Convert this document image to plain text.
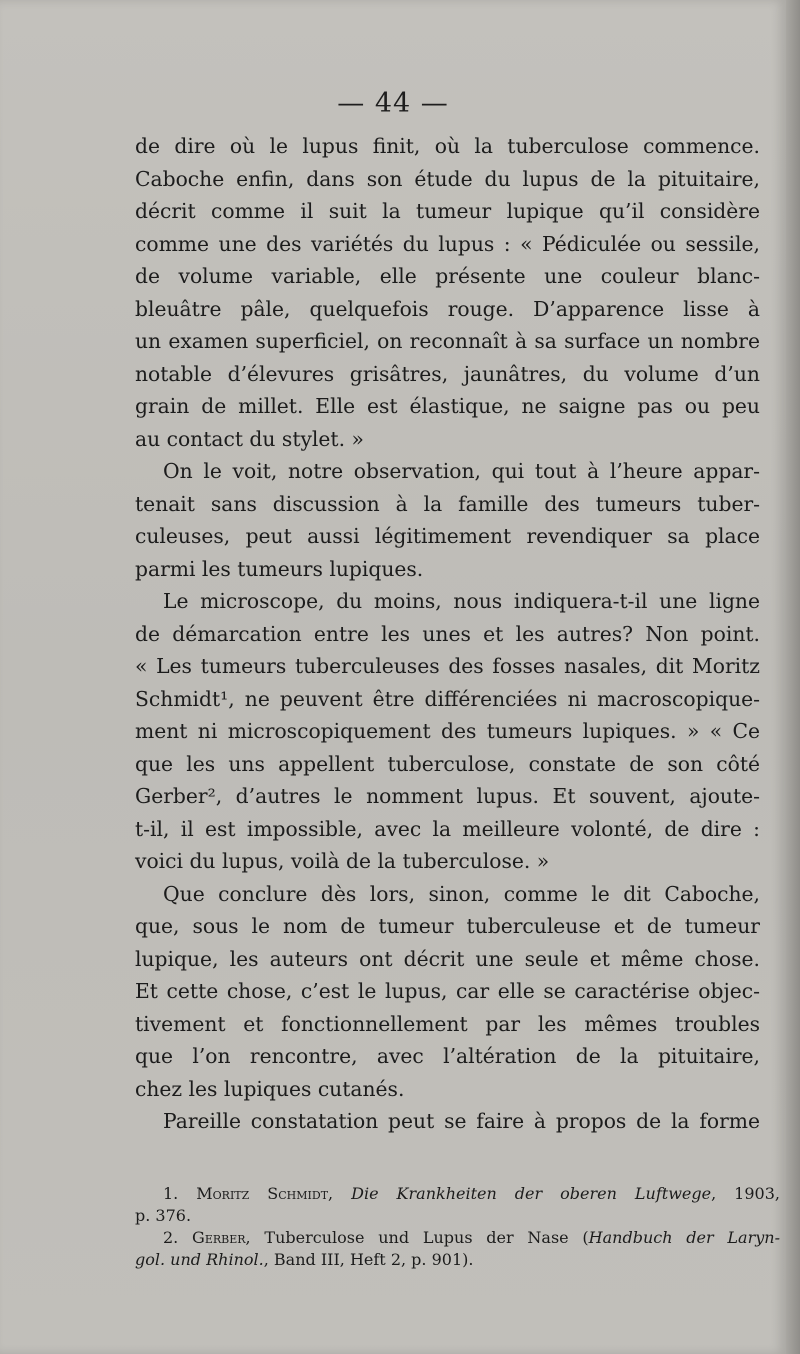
— 44 —
de dire où le lupus finit, où la tuberculose commence.
Caboche enfin, dans son étude du lupus de la pituitaire,
décrit comme il suit la tumeur lupique qu’il considère
comme une des variétés du lupus : « Pédiculée ou sessile,
de volume variable, elle présente une couleur blanc-
bleuâtre pâle, quelquefois rouge. D’apparence lisse à
un examen superficiel, on reconnaît à sa surface un nombre
notable d’élevures grisâtres, jaunâtres, du volume d’un
grain de millet. Elle est élastique, ne saigne pas ou peu
au contact du stylet. »
On le voit, notre observation, qui tout à l’heure appar-
tenait sans discussion à la famille des tumeurs tuber-
culeuses, peut aussi légitimement revendiquer sa place
parmi les tumeurs lupiques.
Le microscope, du moins, nous indiquera-t-il une ligne
de démarcation entre les unes et les autres? Non point.
« Les tumeurs tuberculeuses des fosses nasales, dit Moritz
Schmidt¹, ne peuvent être différenciées ni macroscopique-
ment ni microscopiquement des tumeurs lupiques. » « Ce
que les uns appellent tuberculose, constate de son côté
Gerber², d’autres le nomment lupus. Et souvent, ajoute-
t-il, il est impossible, avec la meilleure volonté, de dire :
voici du lupus, voilà de la tuberculose. »
Que conclure dès lors, sinon, comme le dit Caboche,
que, sous le nom de tumeur tuberculeuse et de tumeur
lupique, les auteurs ont décrit une seule et même chose.
Et cette chose, c’est le lupus, car elle se caractérise objec-
tivement et fonctionnellement par les mêmes troubles
que l’on rencontre, avec l’altération de la pituitaire,
chez les lupiques cutanés.
Pareille constatation peut se faire à propos de la forme
1. Moritz Schmidt, Die Krankheiten der oberen Luftwege, 1903,
p. 376.
2. Gerber, Tuberculose und Lupus der Nase (Handbuch der Laryn-
gol. und Rhinol., Band III, Heft 2, p. 901).
